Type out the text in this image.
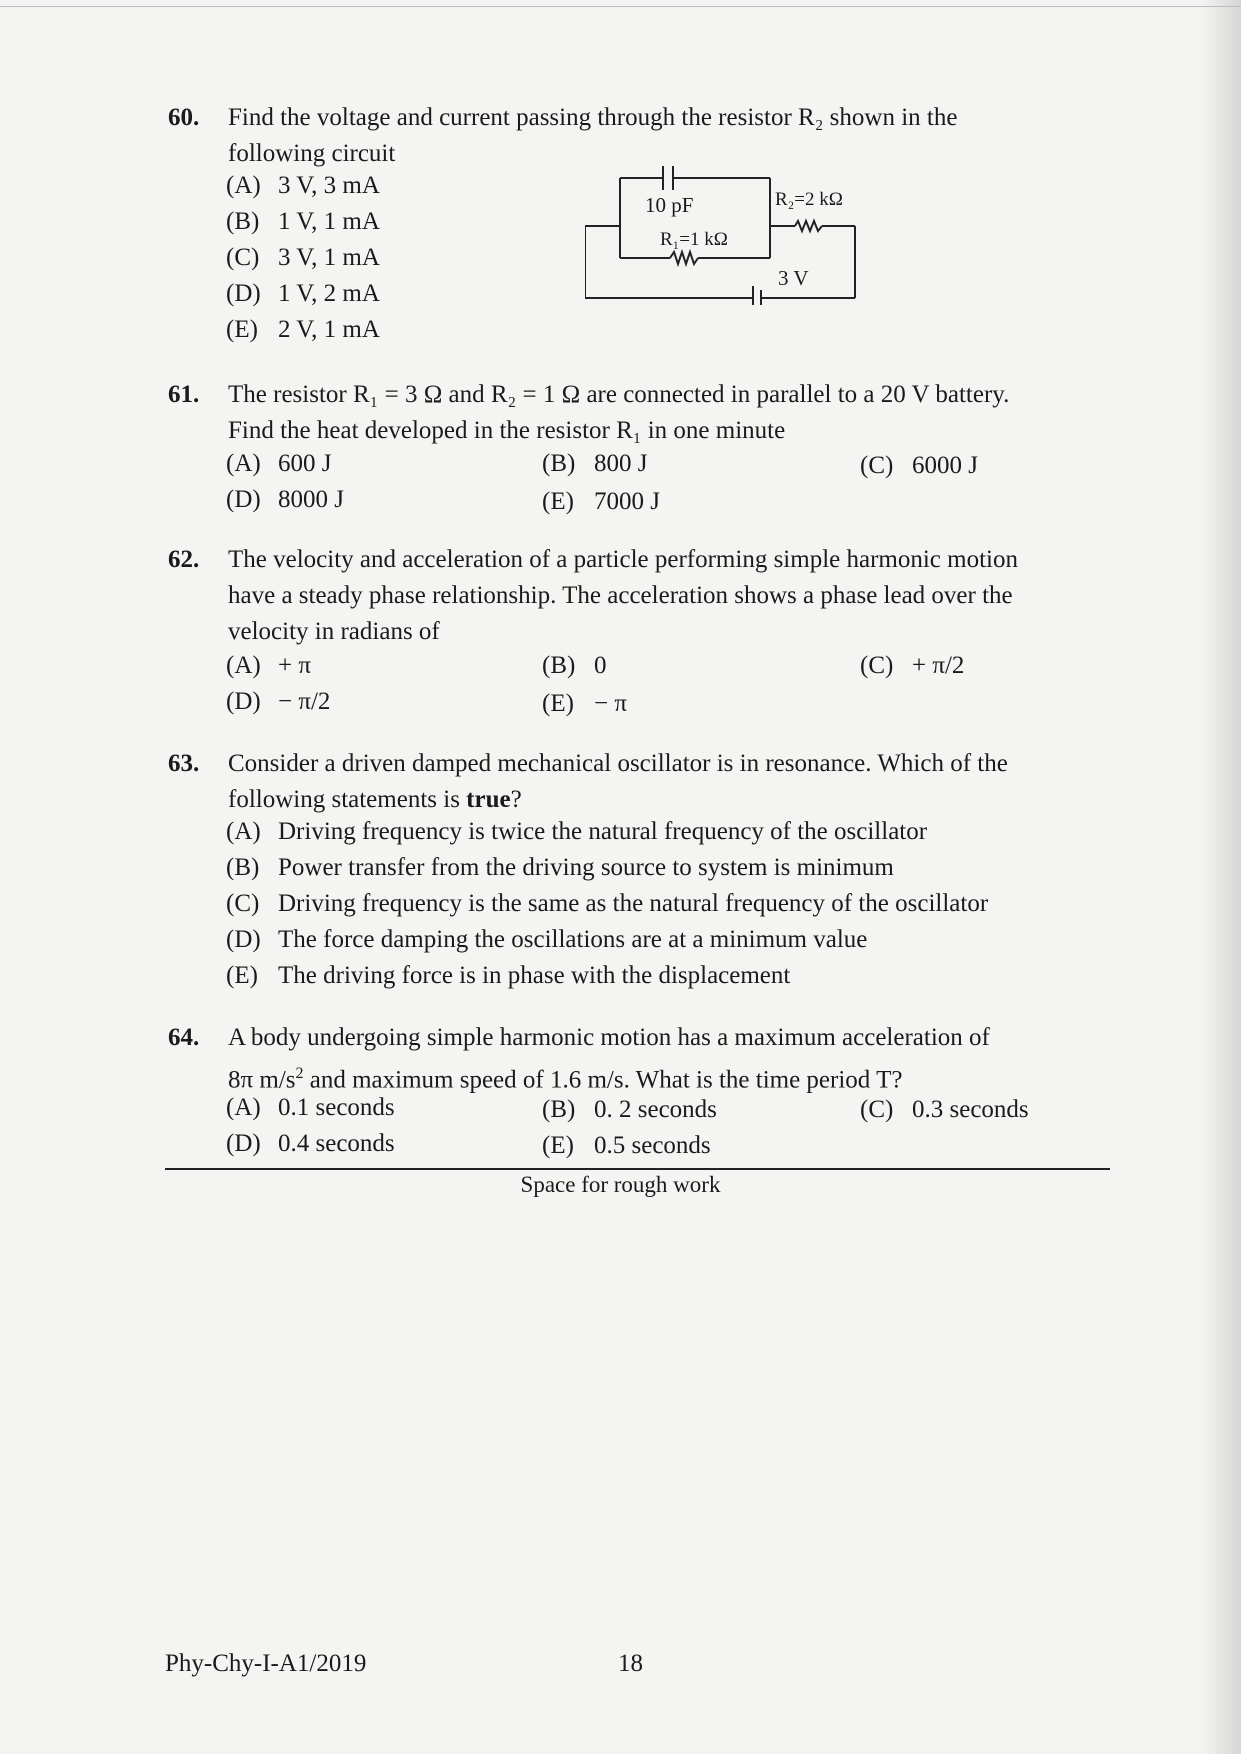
60. Find the voltage and current passing through the resistor R₂ shown in the
following circuit
(A) 3 V, 3 mA
(B) 1 V, 1 mA
(C) 3 V, 1 mA
(D) 1 V, 2 mA
(E) 2 V, 1 mA
10 pF	R₂=2 kΩ
R₁=1 kΩ
3 V
61. The resistor R₁ = 3 Ω and R₂ = 1 Ω are connected in parallel to a 20 V battery.
Find the heat developed in the resistor R₁ in one minute
(A) 600 J	(B) 800 J	(C) 6000 J
(D) 8000 J	(E) 7000 J
62. The velocity and acceleration of a particle performing simple harmonic motion
have a steady phase relationship. The acceleration shows a phase lead over the
velocity in radians of
(A) + π	(B) 0	(C) + π/2
(D) − π/2	(E) − π
63. Consider a driven damped mechanical oscillator is in resonance. Which of the
following statements is true?
(A) Driving frequency is twice the natural frequency of the oscillator
(B) Power transfer from the driving source to system is minimum
(C) Driving frequency is the same as the natural frequency of the oscillator
(D) The force damping the oscillations are at a minimum value
(E) The driving force is in phase with the displacement
64. A body undergoing simple harmonic motion has a maximum acceleration of
8π $m/s^2$ and maximum speed of 1.6 m/s. What is the time period T?
(A) 0.1 seconds	(B) 0. 2 seconds	(C) 0.3 seconds
(D) 0.4 seconds	(E) 0.5 seconds
Space for rough work
Phy-Chy-I-A1/2019	18
